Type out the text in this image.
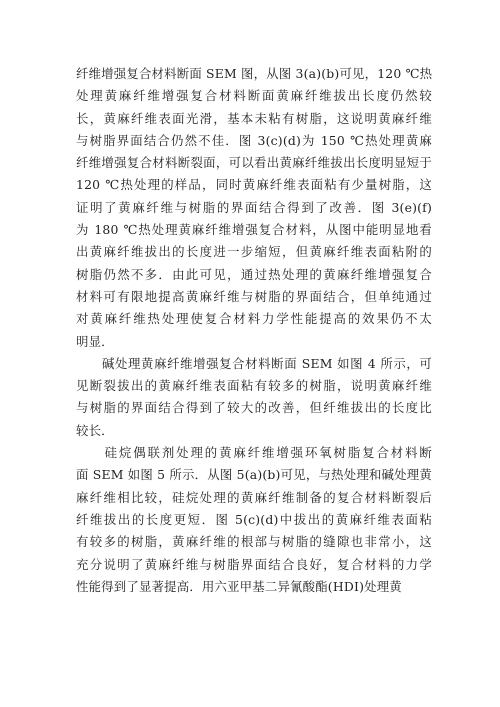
纤维增强复合材料断面 SEM 图，从图 3(a)(b)可见，120 ℃热
处理黄麻纤维增强复合材料断面黄麻纤维拔出长度仍然较
长，黄麻纤维表面光滑，基本未粘有树脂，这说明黄麻纤维
与树脂界面结合仍然不佳．图 3(c)(d)为 150 ℃热处理黄麻
纤维增强复合材料断裂面，可以看出黄麻纤维拔出长度明显短于
120 ℃热处理的样品，同时黄麻纤维表面粘有少量树脂，这
证明了黄麻纤维与树脂的界面结合得到了改善．图 3(e)(f)
为 180 ℃热处理黄麻纤维增强复合材料，从图中能明显地看
出黄麻纤维拔出的长度进一步缩短，但黄麻纤维表面粘附的
树脂仍然不多．由此可见，通过热处理的黄麻纤维增强复合
材料可有限地提高黄麻纤维与树脂的界面结合，但单纯通过
对黄麻纤维热处理使复合材料力学性能提高的效果仍不太
明显．
　　碱处理黄麻纤维增强复合材料断面 SEM 如图 4 所示，可
见断裂拔出的黄麻纤维表面粘有较多的树脂，说明黄麻纤维
与树脂的界面结合得到了较大的改善，但纤维拔出的长度比
较长．
　　硅烷偶联剂处理的黄麻纤维增强环氧树脂复合材料断
面 SEM 如图 5 所示．从图 5(a)(b)可见，与热处理和碱处理黄
麻纤维相比较，硅烷处理的黄麻纤维制备的复合材料断裂后
纤维拔出的长度更短．图 5(c)(d)中拔出的黄麻纤维表面粘
有较多的树脂，黄麻纤维的根部与树脂的缝隙也非常小，这
充分说明了黄麻纤维与树脂界面结合良好，复合材料的力学
性能得到了显著提高．用六亚甲基二异氰酸酯(HDI)处理黄
